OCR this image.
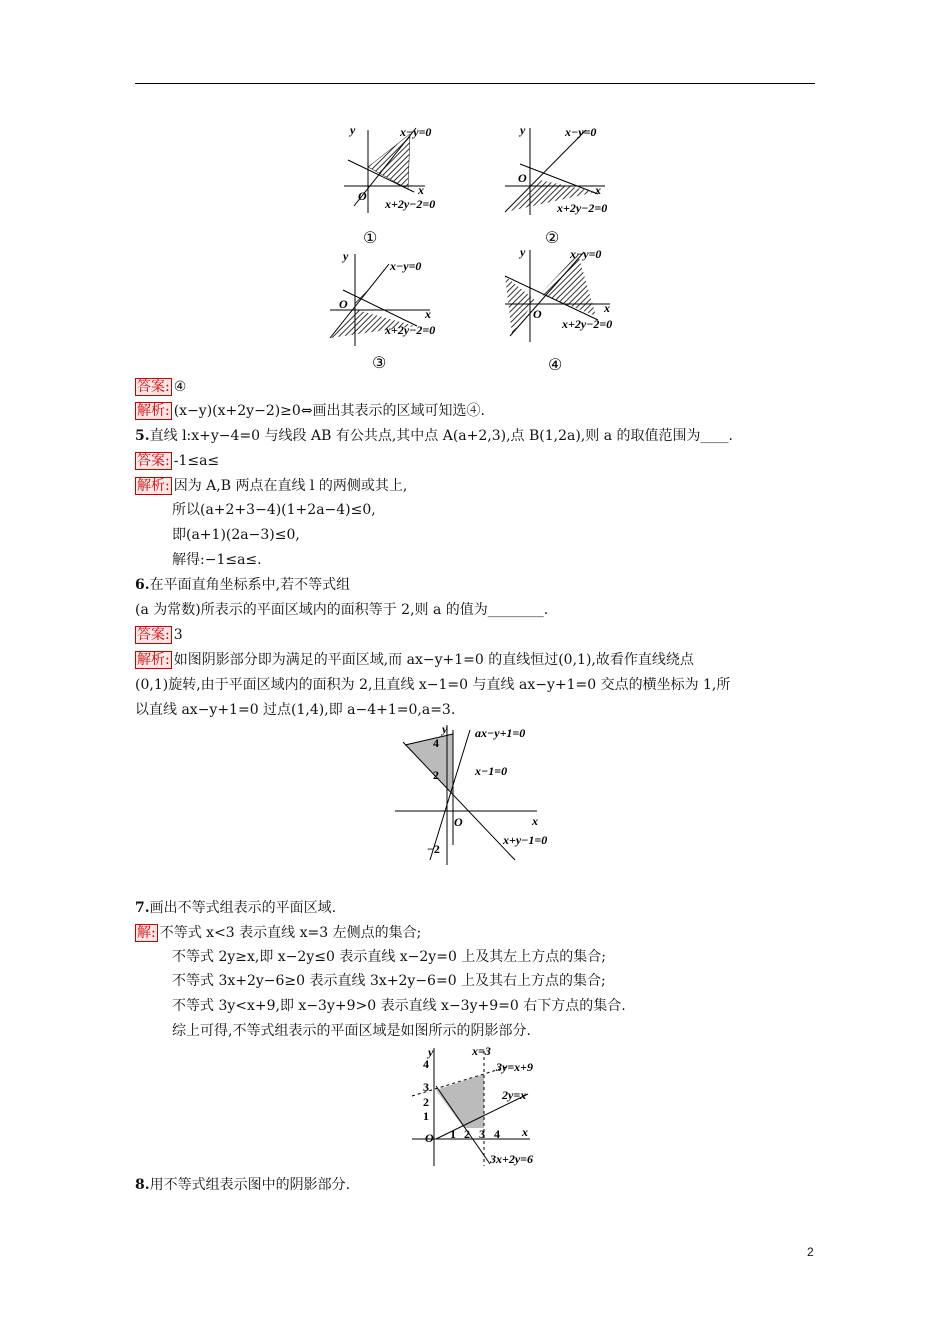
y
x
O
x−y=0
x+2y−2=0
①
y
x
O
x−y=0
x+2y−2=0
②
y
x
O
x−y=0
x+2y−2=0
③
y
x
O
x−y=0
x+2y−2=0
④
答案: ④
解析: (x−y)(x+2y−2)≥0⇔画出其表示的区域可知选④.
5.直线 l:x+y−4=0 与线段 AB 有公共点,其中点 A(a+2,3),点 B(1,2a),则 a 的取值范围为____.
答案: -1≤a≤
解析: 因为 A,B 两点在直线 l 的两侧或其上,
所以(a+2+3−4)(1+2a−4)≤0,
即(a+1)(2a−3)≤0,
解得:−1≤a≤.
6.在平面直角坐标系中,若不等式组
(a 为常数)所表示的平面区域内的面积等于 2,则 a 的值为________.
答案: 3
解析: 如图阴影部分即为满足的平面区域,而 ax−y+1=0 的直线恒过(0,1),故看作直线绕点
(0,1)旋转,由于平面区域内的面积为 2,且直线 x−1=0 与直线 ax−y+1=0 交点的横坐标为 1,所
以直线 ax−y+1=0 过点(1,4),即 a−4+1=0,a=3.
y
x
O
4
2
−2
ax−y+1=0
x−1=0
x+y−1=0
7.画出不等式组表示的平面区域.
解: 不等式 x<3 表示直线 x=3 左侧点的集合;
不等式 2y≥x,即 x−2y≤0 表示直线 x−2y=0 上及其左上方点的集合;
不等式 3x+2y−6≥0 表示直线 3x+2y−6=0 上及其右上方点的集合;
不等式 3y<x+9,即 x−3y+9>0 表示直线 x−3y+9=0 右下方点的集合.
综上可得,不等式组表示的平面区域是如图所示的阴影部分.
y
x
O
4
3
2
1
1 2 3 4
x=3
3y=x+9
2y=x
3x+2y=6
8.用不等式组表示图中的阴影部分.
2
